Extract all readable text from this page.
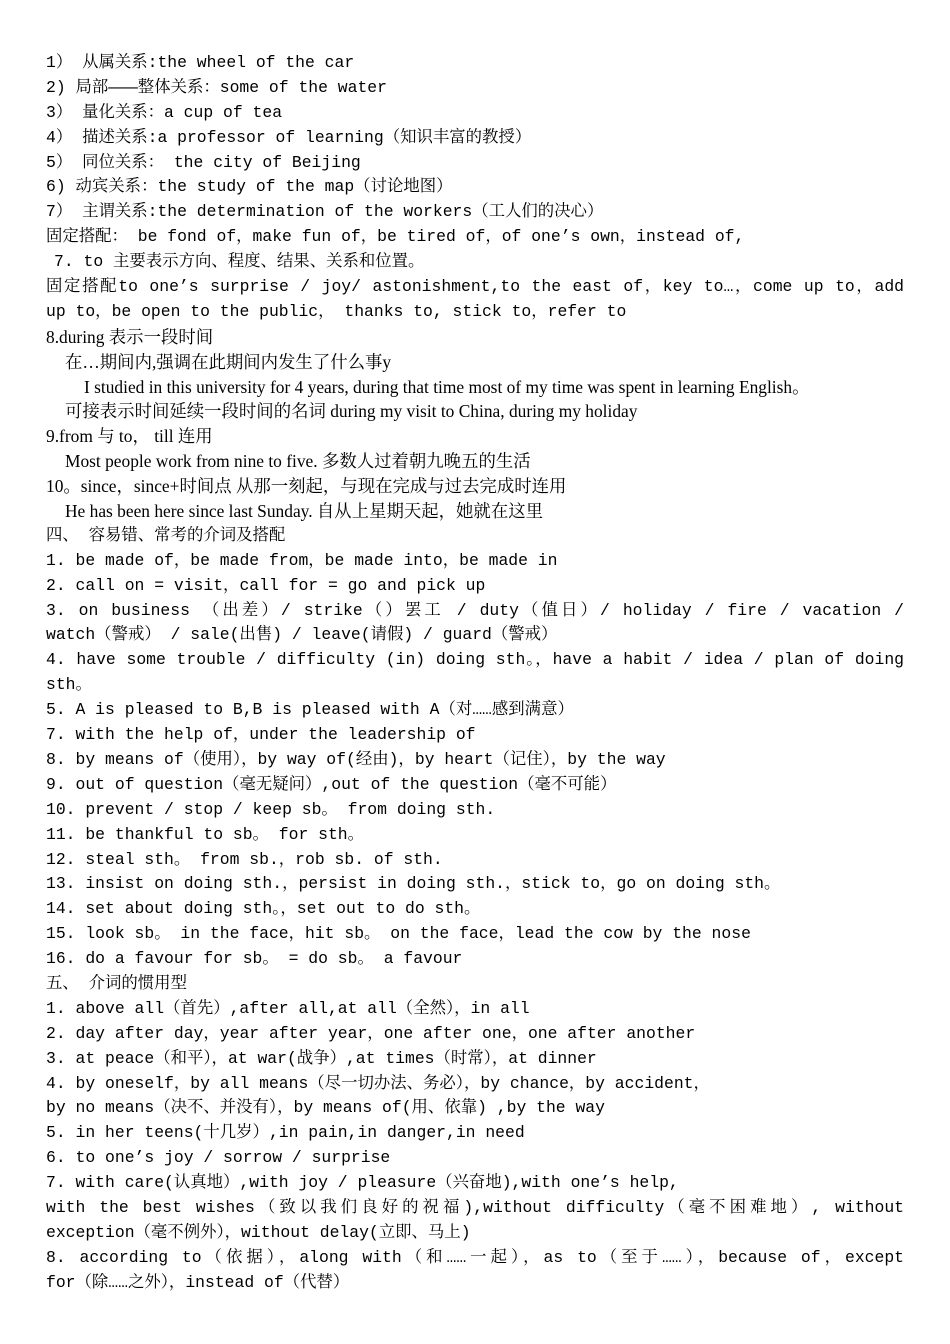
1） 从属关系:the wheel of the car
2) 局部———整体关系：some of the water
3） 量化关系：a cup of tea
4） 描述关系:a professor of learning（知识丰富的教授）
5） 同位关系： the city of Beijing
6) 动宾关系：the study of the map（讨论地图）
7） 主谓关系:the determination of the workers（工人们的决心）
固定搭配： be fond of，make fun of，be tired of，of one’s own，instead of,
7. to 主要表示方向、程度、结果、关系和位置。
固定搭配to one’s surprise / joy/ astonishment,to the east of，key to…，come up to，add
up to，be open to the public， thanks to, stick to，refer to
8.during 表示一段时间
在…期间内,强调在此期间内发生了什么事y
I studied in this university for 4 years, during that time most of my time was spent in learning English。
可接表示时间延续一段时间的名词 during my visit to China, during my holiday
9.from 与 to， till 连用
Most people work from nine to five. 多数人过着朝九晚五的生活
10。since，since+时间点 从那一刻起，与现在完成与过去完成时连用
He has been here since last Sunday. 自从上星期天起，她就在这里
四、 容易错、常考的介词及搭配
1. be made of，be made from，be made into，be made in
2. call on = visit，call for = go and pick up
3. on business （出差）/ strike（）罢工 / duty（值日）/ holiday / fire / vacation /
watch（警戒） / sale(出售) / leave(请假) / guard（警戒）
4. have some trouble / difficulty (in) doing sth。，have a habit / idea / plan of doing
sth。
5. A is pleased to B,B is pleased with A（对……感到满意）
7. with the help of，under the leadership of
8. by means of（使用），by way of(经由)，by heart（记住），by the way
9. out of question（毫无疑问）,out of the question（毫不可能）
10. prevent / stop / keep sb。 from doing sth.
11. be thankful to sb。 for sth。
12. steal sth。 from sb.，rob sb. of sth.
13. insist on doing sth.，persist in doing sth.，stick to，go on doing sth。
14. set about doing sth。，set out to do sth。
15. look sb。 in the face，hit sb。 on the face，lead the cow by the nose
16. do a favour for sb。 = do sb。 a favour
五、 介词的惯用型
1. above all（首先）,after all,at all（全然），in all
2. day after day，year after year，one after one，one after another
3. at peace（和平），at war(战争）,at times（时常），at dinner
4. by oneself，by all means（尽一切办法、务必），by chance，by accident，
by no means（决不、并没有），by means of(用、依靠) ,by the way
5. in her teens(十几岁）,in pain,in danger,in need
6. to one’s joy / sorrow / surprise
7. with care(认真地）,with joy / pleasure（兴奋地),with one’s help,
with the best wishes（致以我们良好的祝福),without difficulty（毫不困难地）, without
exception（毫不例外），without delay(立即、马上)
8. according to（依据），along with（和……一起），as to（至于……），because of，except
for（除……之外），instead of（代替）
